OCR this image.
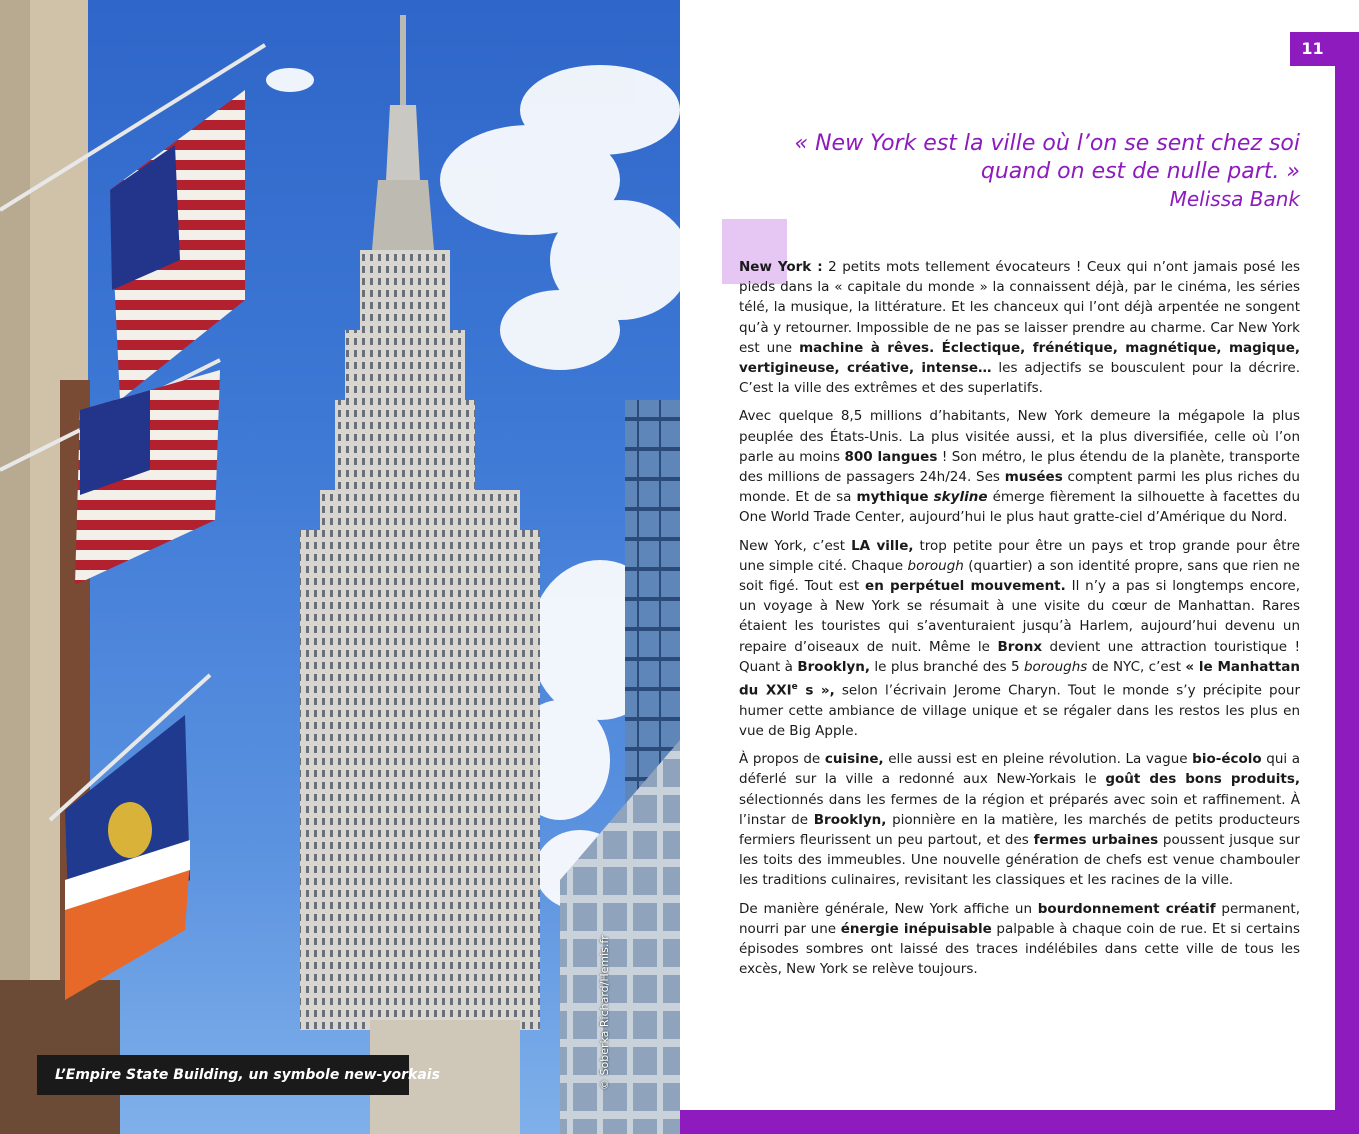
L’Empire State Building, un symbole new-yorkais	© Soberka Richard/Hemis.fr
11
« New York est la ville où l’on se sent chez soi
quand on est de nulle part. »
Melissa Bank

New York : 2 petits mots tellement évocateurs ! Ceux qui n’ont jamais posé les pieds dans la « capitale du monde » la connaissent déjà, par le cinéma, les séries télé, la musique, la littérature. Et les chanceux qui l’ont déjà arpentée ne songent qu’à y retourner. Impossible de ne pas se laisser prendre au charme. Car New York est une machine à rêves. Éclectique, frénétique, magnétique, magique, vertigineuse, créative, intense… les adjectifs se bousculent pour la décrire. C’est la ville des extrêmes et des superlatifs.

Avec quelque 8,5 millions d’habitants, New York demeure la mégapole la plus peuplée des États-Unis. La plus visitée aussi, et la plus diversifiée, celle où l’on parle au moins 800 langues ! Son métro, le plus étendu de la planète, transporte des millions de passagers 24h/24. Ses musées comptent parmi les plus riches du monde. Et de sa mythique skyline émerge fièrement la silhouette à facettes du One World Trade Center, aujourd’hui le plus haut gratte-ciel d’Amérique du Nord.

New York, c’est LA ville, trop petite pour être un pays et trop grande pour être une simple cité. Chaque borough (quartier) a son identité propre, sans que rien ne soit figé. Tout est en perpétuel mouvement. Il n’y a pas si longtemps encore, un voyage à New York se résumait à une visite du cœur de Manhattan. Rares étaient les touristes qui s’aventuraient jusqu’à Harlem, aujourd’hui devenu un repaire d’oiseaux de nuit. Même le Bronx devient une attraction touristique ! Quant à Brooklyn, le plus branché des 5 boroughs de NYC, c’est « le Manhattan du XXIe s », selon l’écrivain Jerome Charyn. Tout le monde s’y précipite pour humer cette ambiance de village unique et se régaler dans les restos les plus en vue de Big Apple.

À propos de cuisine, elle aussi est en pleine révolution. La vague bio-écolo qui a déferlé sur la ville a redonné aux New-Yorkais le goût des bons produits, sélectionnés dans les fermes de la région et préparés avec soin et raffinement. À l’instar de Brooklyn, pionnière en la matière, les marchés de petits producteurs fermiers fleurissent un peu partout, et des fermes urbaines poussent jusque sur les toits des immeubles. Une nouvelle génération de chefs est venue chambouler les traditions culinaires, revisitant les classiques et les racines de la ville.

De manière générale, New York affiche un bourdonnement créatif permanent, nourri par une énergie inépuisable palpable à chaque coin de rue. Et si certains épisodes sombres ont laissé des traces indélébiles dans cette ville de tous les excès, New York se relève toujours.
